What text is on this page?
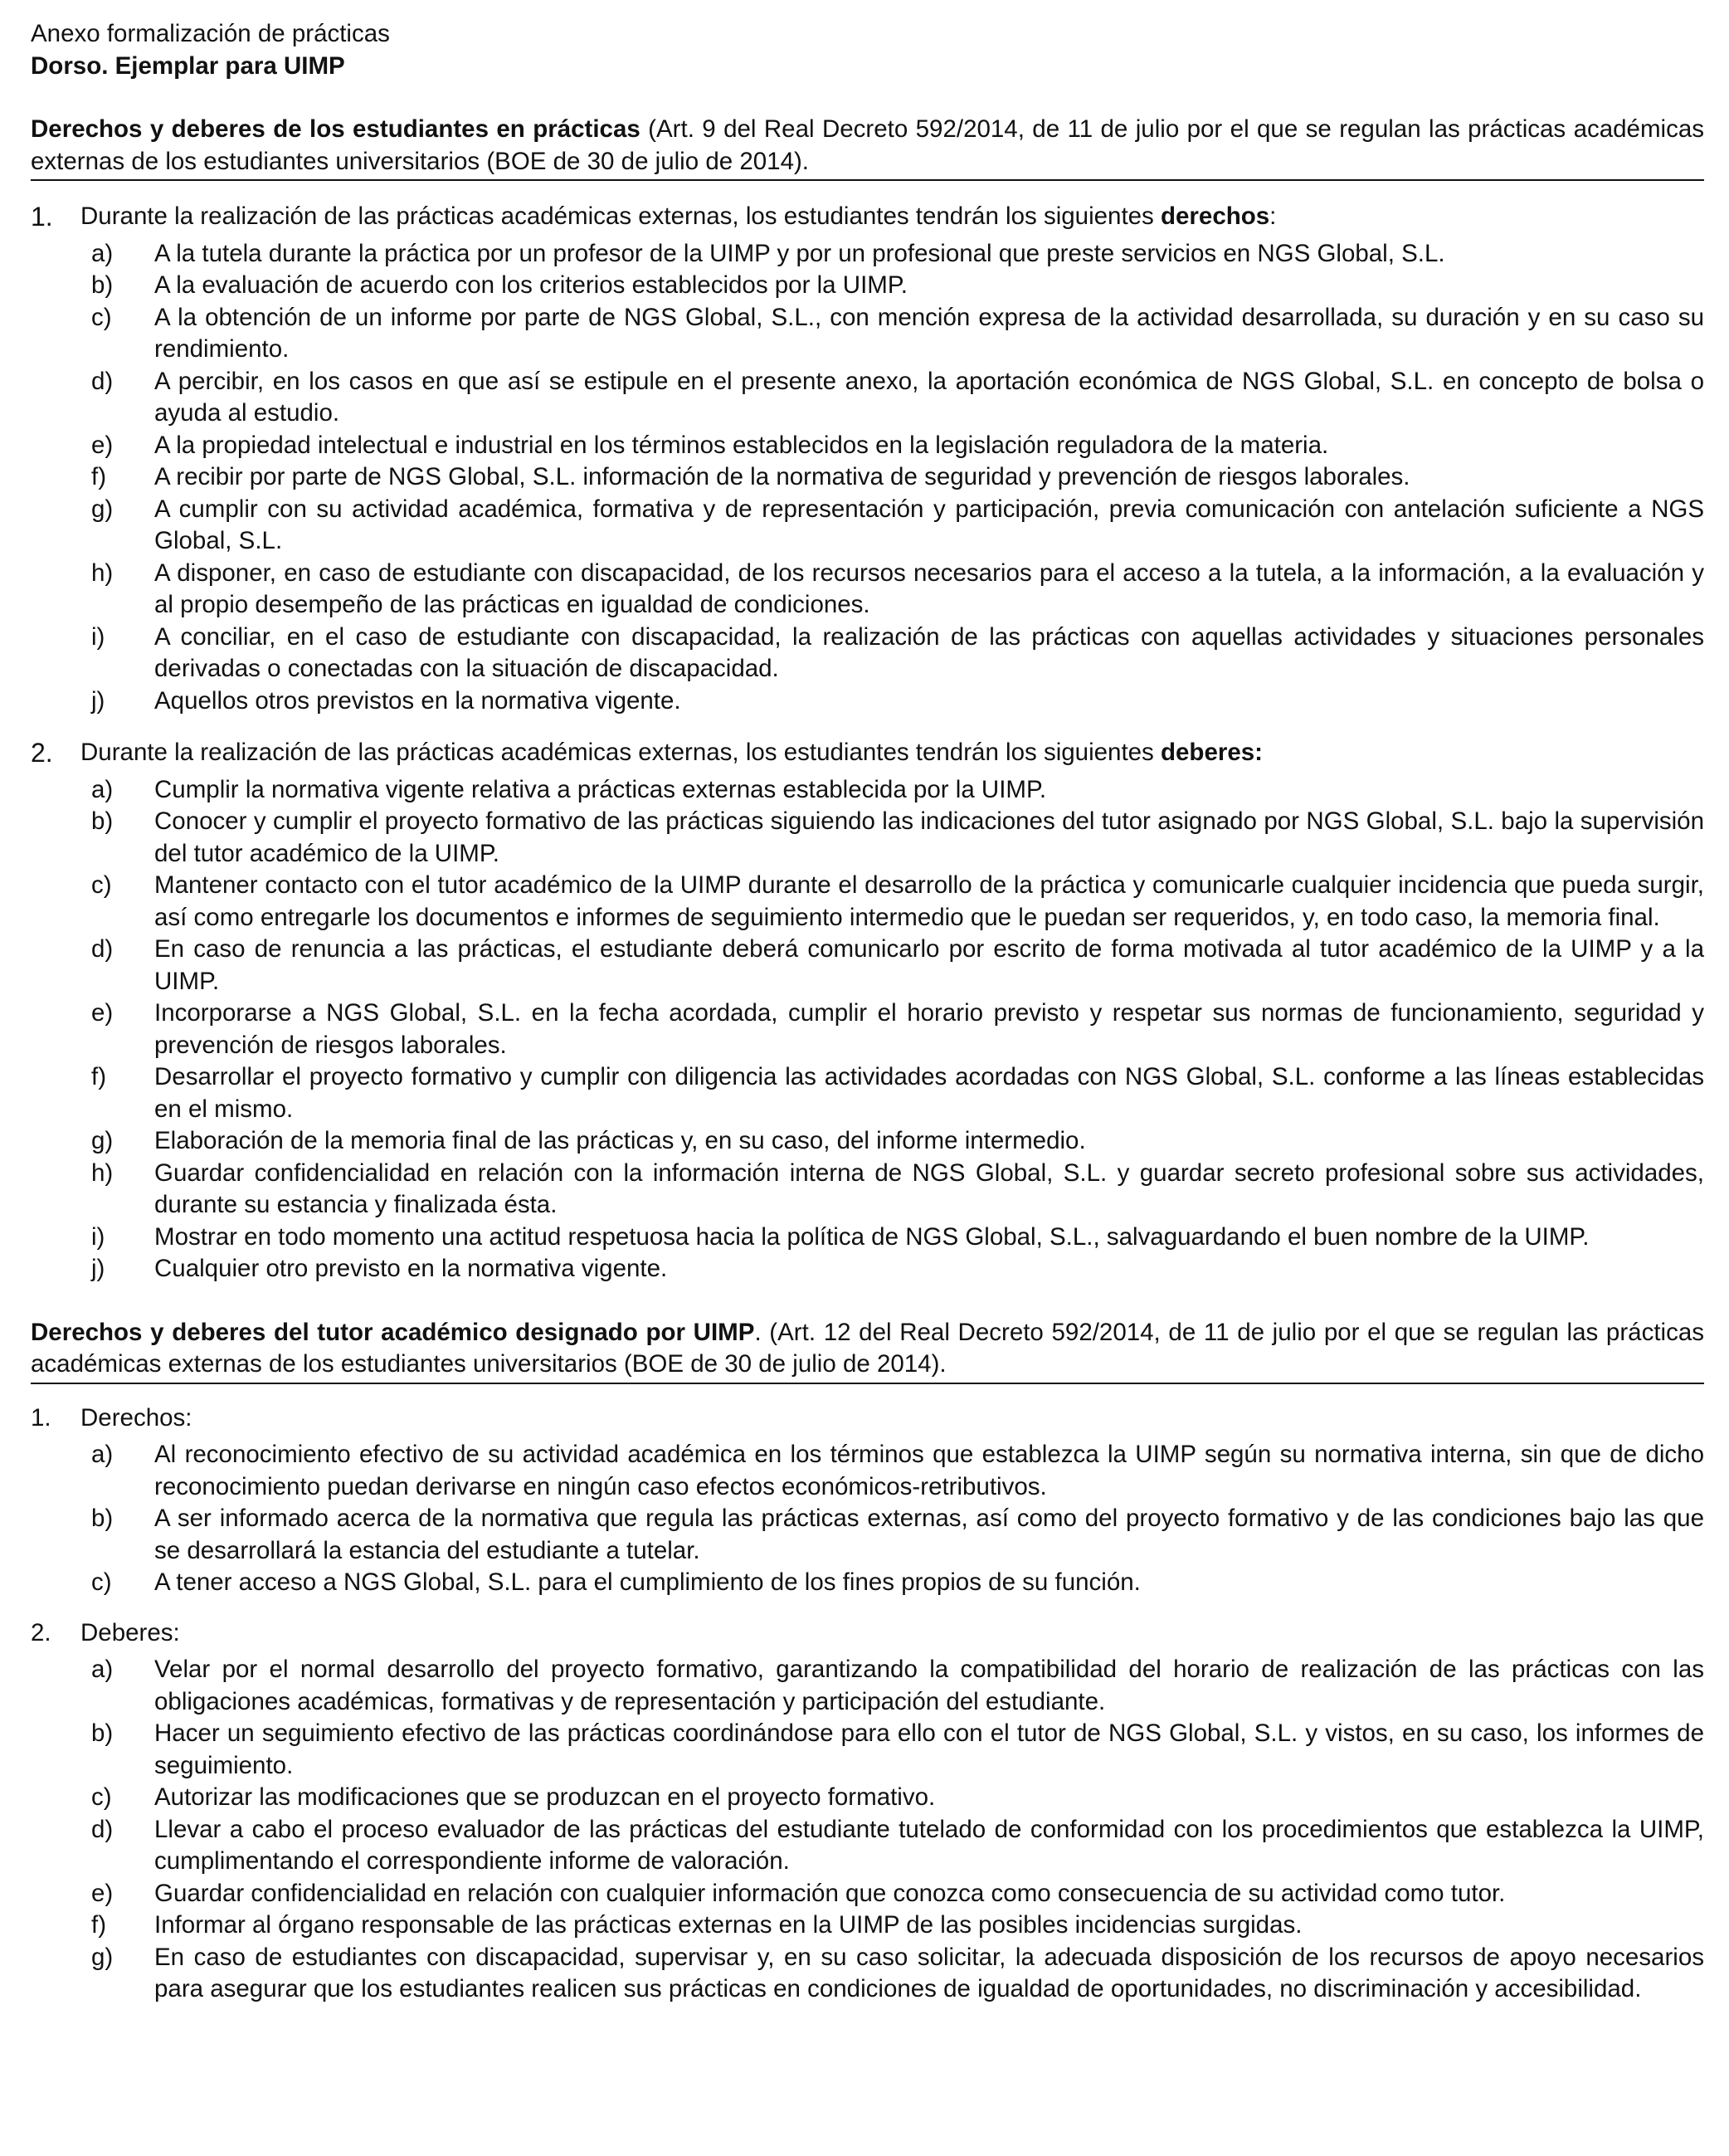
Anexo formalización de prácticas
Dorso. Ejemplar para UIMP
Derechos y deberes de los estudiantes en prácticas (Art. 9 del Real Decreto 592/2014, de 11 de julio por el que se regulan las prácticas académicas externas de los estudiantes universitarios (BOE de 30 de julio de 2014).
1. Durante la realización de las prácticas académicas externas, los estudiantes tendrán los siguientes derechos:
a) A la tutela durante la práctica por un profesor de la UIMP y por un profesional que preste servicios en NGS Global, S.L.
b) A la evaluación de acuerdo con los criterios establecidos por la UIMP.
c) A la obtención de un informe por parte de NGS Global, S.L., con mención expresa de la actividad desarrollada, su duración y en su caso su rendimiento.
d) A percibir, en los casos en que así se estipule en el presente anexo, la aportación económica de NGS Global, S.L. en concepto de bolsa o ayuda al estudio.
e) A la propiedad intelectual e industrial en los términos establecidos en la legislación reguladora de la materia.
f) A recibir por parte de NGS Global, S.L. información de la normativa de seguridad y prevención de riesgos laborales.
g) A cumplir con su actividad académica, formativa y de representación y participación, previa comunicación con antelación suficiente a NGS Global, S.L.
h) A disponer, en caso de estudiante con discapacidad, de los recursos necesarios para el acceso a la tutela, a la información, a la evaluación y al propio desempeño de las prácticas en igualdad de condiciones.
i) A conciliar, en el caso de estudiante con discapacidad, la realización de las prácticas con aquellas actividades y situaciones personales derivadas o conectadas con la situación de discapacidad.
j) Aquellos otros previstos en la normativa vigente.
2. Durante la realización de las prácticas académicas externas, los estudiantes tendrán los siguientes deberes:
a) Cumplir la normativa vigente relativa a prácticas externas establecida por la UIMP.
b) Conocer y cumplir el proyecto formativo de las prácticas siguiendo las indicaciones del tutor asignado por NGS Global, S.L. bajo la supervisión del tutor académico de la UIMP.
c) Mantener contacto con el tutor académico de la UIMP durante el desarrollo de la práctica y comunicarle cualquier incidencia que pueda surgir, así como entregarle los documentos e informes de seguimiento intermedio que le puedan ser requeridos, y, en todo caso, la memoria final.
d) En caso de renuncia a las prácticas, el estudiante deberá comunicarlo por escrito de forma motivada al tutor académico de la UIMP y a la UIMP.
e) Incorporarse a NGS Global, S.L. en la fecha acordada, cumplir el horario previsto y respetar sus normas de funcionamiento, seguridad y prevención de riesgos laborales.
f) Desarrollar el proyecto formativo y cumplir con diligencia las actividades acordadas con NGS Global, S.L. conforme a las líneas establecidas en el mismo.
g) Elaboración de la memoria final de las prácticas y, en su caso, del informe intermedio.
h) Guardar confidencialidad en relación con la información interna de NGS Global, S.L. y guardar secreto profesional sobre sus actividades, durante su estancia y finalizada ésta.
i) Mostrar en todo momento una actitud respetuosa hacia la política de NGS Global, S.L., salvaguardando el buen nombre de la UIMP.
j) Cualquier otro previsto en la normativa vigente.
Derechos y deberes del tutor académico designado por UIMP. (Art. 12 del Real Decreto 592/2014, de 11 de julio por el que se regulan las prácticas académicas externas de los estudiantes universitarios (BOE de 30 de julio de 2014).
1. Derechos:
a) Al reconocimiento efectivo de su actividad académica en los términos que establezca la UIMP según su normativa interna, sin que de dicho reconocimiento puedan derivarse en ningún caso efectos económicos-retributivos.
b) A ser informado acerca de la normativa que regula las prácticas externas, así como del proyecto formativo y de las condiciones bajo las que se desarrollará la estancia del estudiante a tutelar.
c) A tener acceso a NGS Global, S.L. para el cumplimiento de los fines propios de su función.
2. Deberes:
a) Velar por el normal desarrollo del proyecto formativo, garantizando la compatibilidad del horario de realización de las prácticas con las obligaciones académicas, formativas y de representación y participación del estudiante.
b) Hacer un seguimiento efectivo de las prácticas coordinándose para ello con el tutor de NGS Global, S.L. y vistos, en su caso, los informes de seguimiento.
c) Autorizar las modificaciones que se produzcan en el proyecto formativo.
d) Llevar a cabo el proceso evaluador de las prácticas del estudiante tutelado de conformidad con los procedimientos que establezca la UIMP, cumplimentando el correspondiente informe de valoración.
e) Guardar confidencialidad en relación con cualquier información que conozca como consecuencia de su actividad como tutor.
f) Informar al órgano responsable de las prácticas externas en la UIMP de las posibles incidencias surgidas.
g) En caso de estudiantes con discapacidad, supervisar y, en su caso solicitar, la adecuada disposición de los recursos de apoyo necesarios para asegurar que los estudiantes realicen sus prácticas en condiciones de igualdad de oportunidades, no discriminación y accesibilidad.
